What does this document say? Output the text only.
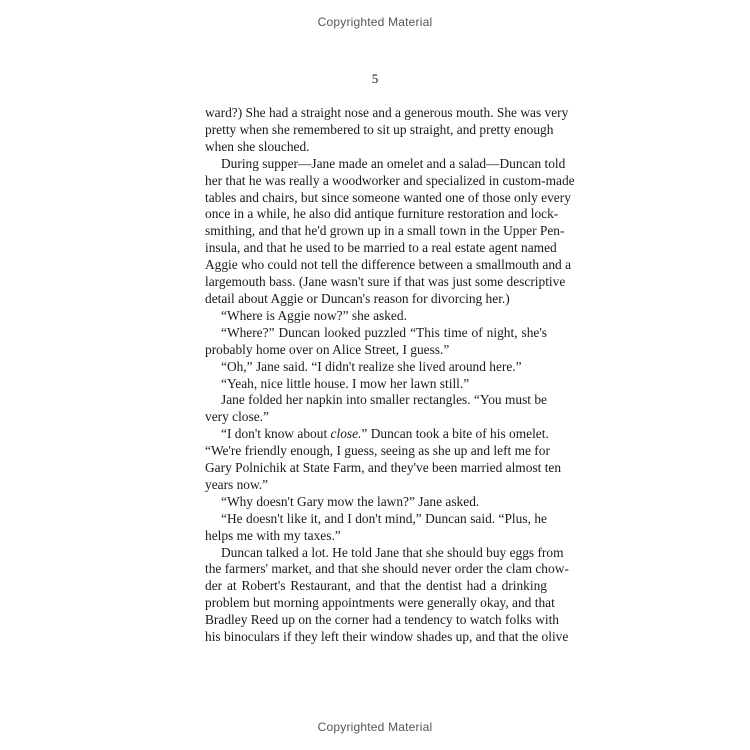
Copyrighted Material
5
ward?) She had a straight nose and a generous mouth. She was very
pretty when she remembered to sit up straight, and pretty enough
when she slouched.
During supper—Jane made an omelet and a salad—Duncan told
her that he was really a woodworker and specialized in custom-made
tables and chairs, but since someone wanted one of those only every
once in a while, he also did antique furniture restoration and lock-
smithing, and that he'd grown up in a small town in the Upper Pen-
insula, and that he used to be married to a real estate agent named
Aggie who could not tell the difference between a smallmouth and a
largemouth bass. (Jane wasn't sure if that was just some descriptive
detail about Aggie or Duncan's reason for divorcing her.)
“Where is Aggie now?” she asked.
“Where?” Duncan looked puzzled “This time of night, she's
probably home over on Alice Street, I guess.”
“Oh,” Jane said. “I didn't realize she lived around here.”
“Yeah, nice little house. I mow her lawn still.”
Jane folded her napkin into smaller rectangles. “You must be
very close.”
“I don't know about close.” Duncan took a bite of his omelet.
“We're friendly enough, I guess, seeing as she up and left me for
Gary Polnichik at State Farm, and they've been married almost ten
years now.”
“Why doesn't Gary mow the lawn?” Jane asked.
“He doesn't like it, and I don't mind,” Duncan said. “Plus, he
helps me with my taxes.”
Duncan talked a lot. He told Jane that she should buy eggs from
the farmers' market, and that she should never order the clam chow-
der at Robert's Restaurant, and that the dentist had a drinking
problem but morning appointments were generally okay, and that
Bradley Reed up on the corner had a tendency to watch folks with
his binoculars if they left their window shades up, and that the olive
Copyrighted Material
